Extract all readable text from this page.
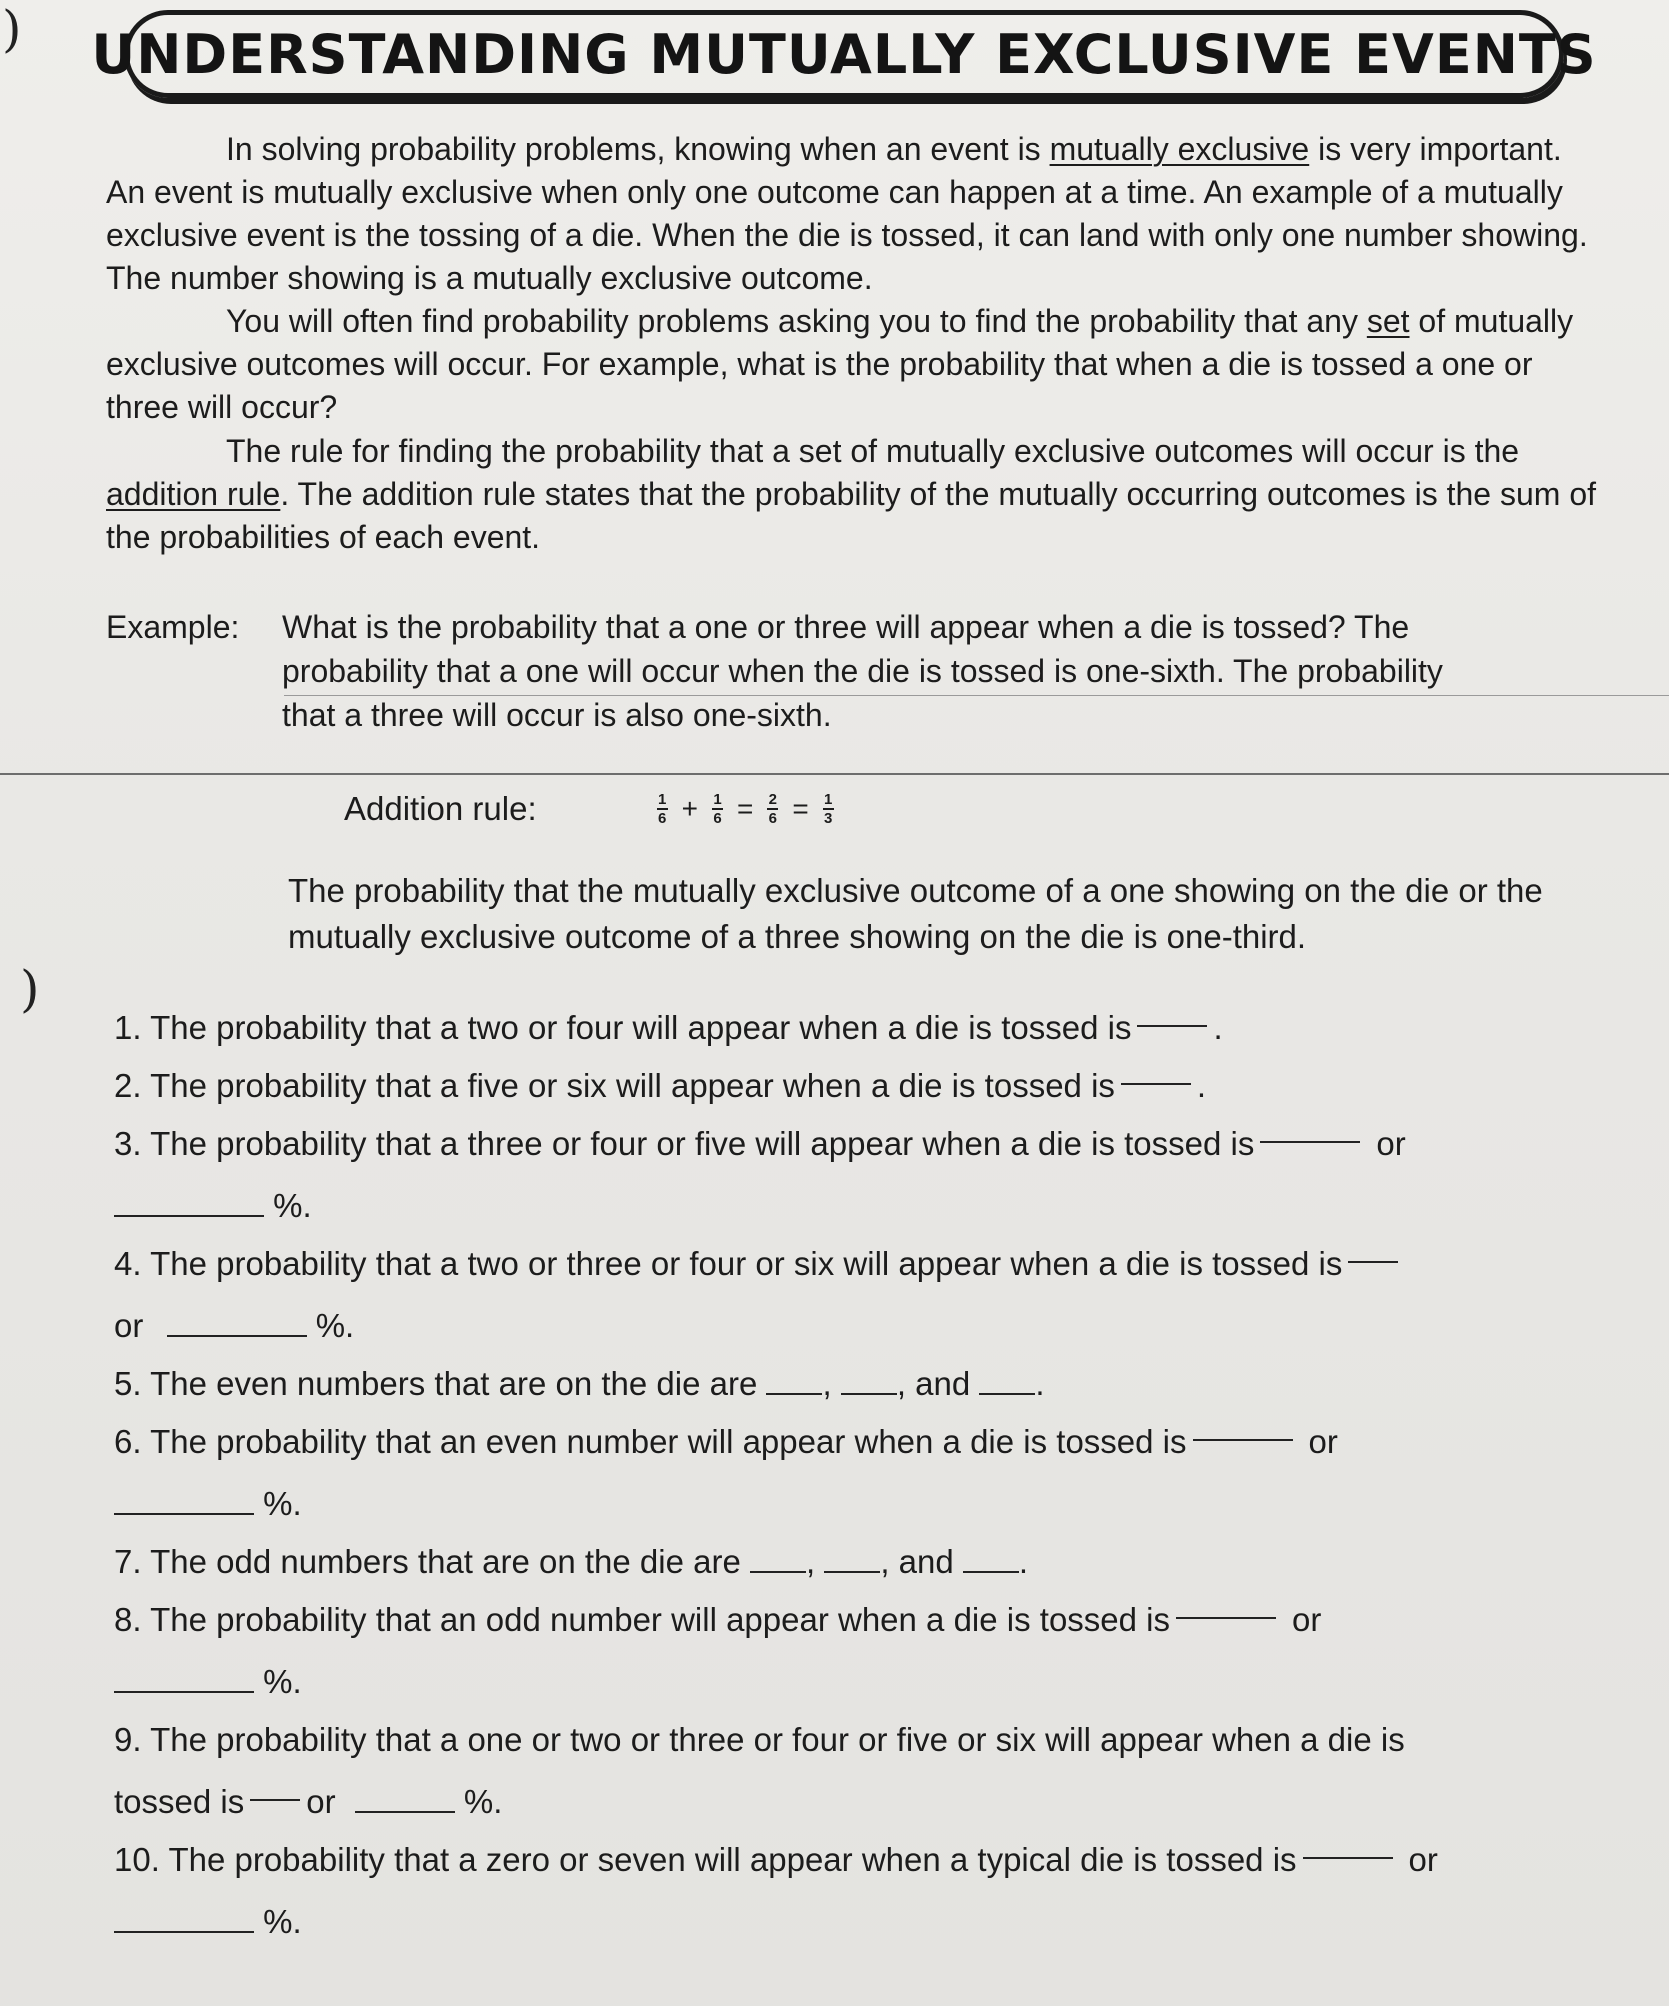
)
)
UNDERSTANDING MUTUALLY EXCLUSIVE EVENTS

In solving probability problems, knowing when an event is mutually exclusive is very important. An event is mutually exclusive when only one outcome can happen at a time. An example of a mutually exclusive event is the tossing of a die. When the die is tossed, it can land with only one number showing. The number showing is a mutually exclusive outcome.

You will often find probability problems asking you to find the probability that any set of mutually exclusive outcomes will occur. For example, what is the probability that when a die is tossed a one or three will occur?

The rule for finding the probability that a set of mutually exclusive outcomes will occur is the addition rule. The addition rule states that the probability of the mutually occurring outcomes is the sum of the probabilities of each event.

Example: What is the probability that a one or three will appear when a die is tossed? The
probability that a one will occur when the die is tossed is one-sixth. The probability
that a three will occur is also one-sixth.
Addition rule:	$\frac{1}{6} + \frac{1}{6} = \frac{2}{6} = \frac{1}{3}$
The probability that the mutually exclusive outcome of a one showing on the die or the mutually exclusive outcome of a three showing on the die is one-third.
1. The probability that a two or four will appear when a die is tossed is .
2. The probability that a five or six will appear when a die is tossed is .
3. The probability that a three or four or five will appear when a die is tossed is	or
%.
4. The probability that a two or three or four or six will appear when a die is tossed is
or	%.
5. The even numbers that are on the die are , , and .
6. The probability that an even number will appear when a die is tossed is	or
%.
7. The odd numbers that are on the die are , , and .
8. The probability that an odd number will appear when a die is tossed is	or
%.
9. The probability that a one or two or three or four or five or six will appear when a die is
tossed is or	%.
10. The probability that a zero or seven will appear when a typical die is tossed is	or
%.
